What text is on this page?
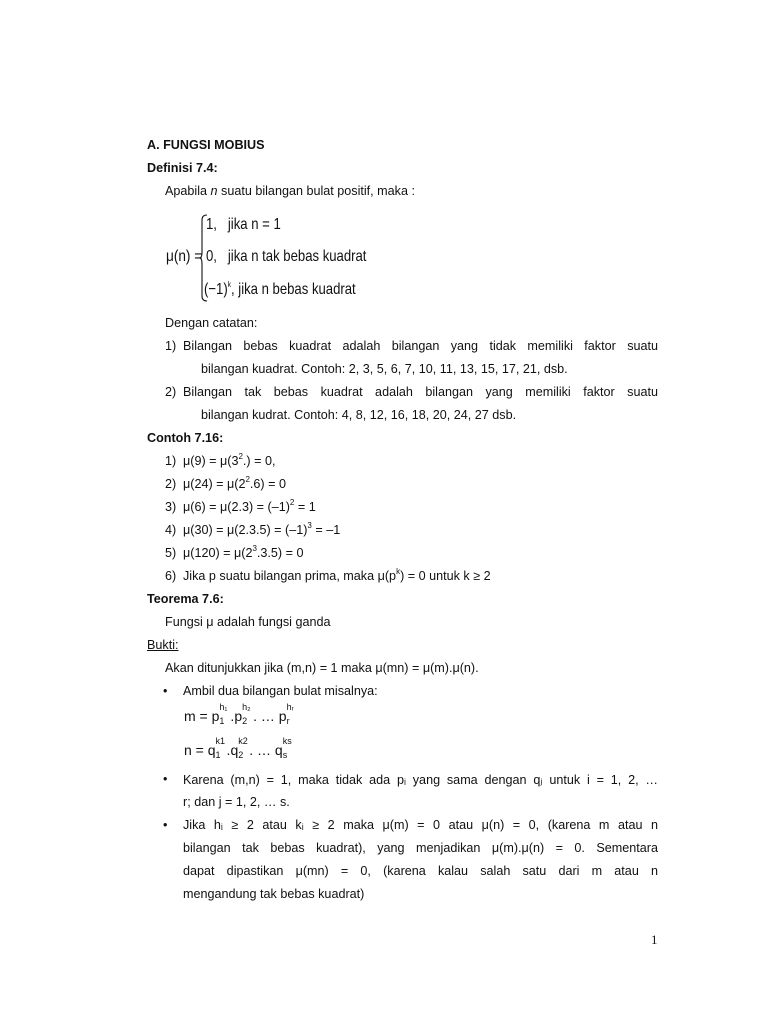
A. FUNGSI MOBIUS
Definisi 7.4:
Apabila n suatu bilangan bulat positif, maka :
μ(n) =
1, jika n = 1
0, jika n tak bebas kuadrat
$(-1)^k$, jika n bebas kuadrat
Dengan catatan:
1) Bilangan bebas kuadrat adalah bilangan yang tidak memiliki faktor suatu
bilangan kuadrat. Contoh: 2, 3, 5, 6, 7, 10, 11, 13, 15, 17, 21, dsb.
2) Bilangan tak bebas kuadrat adalah bilangan yang memiliki faktor suatu
bilangan kudrat. Contoh: 4, 8, 12, 16, 18, 20, 24, 27 dsb.
Contoh 7.16:
1) $\mu(9) = \mu(3^2.) = 0$,
2) $\mu(24) = \mu(2^2.6) = 0$
3) $\mu(6) = \mu(2.3) = (-1)^2 = 1$
4) $\mu(30) = \mu(2.3.5) = (-1)^3 = -1$
5) $\mu(120) = \mu(2^3.3.5) = 0$
6) Jika p suatu bilangan prima, maka $\mu(p^k) = 0$ untuk k ≥ 2
Teorema 7.6:
Fungsi μ adalah fungsi ganda
Bukti:
Akan ditunjukkan jika (m,n) = 1 maka μ(mn) = μ(m).μ(n).
• Ambil dua bilangan bulat misalnya:
m = p
h₁
1 .p
h₂
2 . … p
hᵣ
r
n = q
k1
1 .q
k2
2 . … q
ks
s
• Karena (m,n) = 1, maka tidak ada pᵢ yang sama dengan qⱼ untuk i = 1, 2, …
r; dan j = 1, 2, … s.
• Jika hᵢ ≥ 2 atau kᵢ ≥ 2 maka μ(m) = 0 atau μ(n) = 0, (karena m atau n
bilangan tak bebas kuadrat), yang menjadikan μ(m).μ(n) = 0. Sementara
dapat dipastikan μ(mn) = 0, (karena kalau salah satu dari m atau n
mengandung tak bebas kuadrat)
1
